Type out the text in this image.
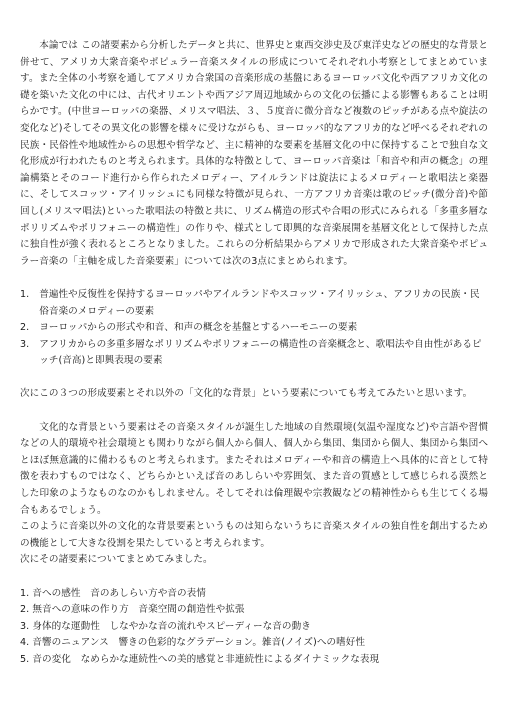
本論では この諸要素から分析したデータと共に、世界史と東西交渉史及び東洋史などの歴史的な背景と併せて、アメリカ大衆音楽やポピュラー音楽スタイルの形成についてそれぞれ小考察としてまとめています。また全体の小考察を通してアメリカ合衆国の音楽形成の基盤にあるヨーロッパ文化や西アフリカ文化の礎を築いた文化の中には、古代オリエントや西アジア周辺地域からの文化の伝播による影響もあることは明らかです。(中世ヨーロッパの楽器、メリスマ唱法、３、５度音に微分音など複数のピッチがある点や旋法の変化など)そしてその異文化の影響を様々に受けながらも、ヨーロッパ的なアフリカ的など呼べるそれぞれの民族・民俗性や地域性からの思想や哲学など、主に精神的な要素を基層文化の中に保持することで独自な文化形成が行われたものと考えられます。具体的な特徴として、ヨーロッパ音楽は「和音や和声の概念」の理論構築とそのコード進行から作られたメロディー、アイルランドは旋法によるメロディーと歌唱法と楽器に、そしてスコッツ・アイリッシュにも同様な特徴が見られ、一方アフリカ音楽は歌のピッチ(微分音)や節回し(メリスマ唱法)といった歌唱法の特徴と共に、リズム構造の形式や合唱の形式にみられる「多重多層なポリリズムやポリフォニーの構造性」の作りや、様式として即興的な音楽展開を基層文化として保持した点に独自性が強く表れるところとなりました。これらの分析結果からアメリカで形成された大衆音楽やポピュラー音楽の「主軸を成した音楽要素」については次の3点にまとめられます。

1. 普遍性や反復性を保持するヨーロッパやアイルランドやスコッツ・アイリッシュ、アフリカの民族・民俗音楽のメロディーの要素
2. ヨーロッパからの形式や和音、和声の概念を基盤とするハーモニーの要素
3. アフリカからの多重多層なポリリズムやポリフォニーの構造性の音楽概念と、歌唱法や自由性があるピッチ(音高)と即興表現の要素

次にこの３つの形成要素とそれ以外の「文化的な背景」という要素についても考えてみたいと思います。

文化的な背景という要素はその音楽スタイルが誕生した地域の自然環境(気温や湿度など)や言語や習慣などの人的環境や社会環境とも関わりながら個人から個人、個人から集団、集団から個人、集団から集団へとほぼ無意識的に備わるものと考えられます。またそれはメロディーや和音の構造上へ具体的に音として特徴を表わすものではなく、どちらかといえば音のあしらいや雰囲気、また音の質感として感じられる漠然とした印象のようなものなのかもしれません。そしてそれは倫理観や宗教観などの精神性からも生じてくる場合もあるでしょう。

このように音楽以外の文化的な背景要素というものは知らないうちに音楽スタイルの独自性を創出するための機能として大きな役割を果たしていると考えられます。

次にその諸要素についてまとめてみました。

1. 音への感性　音のあしらい方や音の表情
2. 無音への意味の作り方　音楽空間の創造性や拡張
3. 身体的な運動性　しなやかな音の流れやスピーディーな音の動き
4. 音響のニュアンス　響きの色彩的なグラデーション。雑音(ノイズ)への嗜好性
5. 音の変化　なめらかな連続性への美的感覚と非連続性によるダイナミックな表現
